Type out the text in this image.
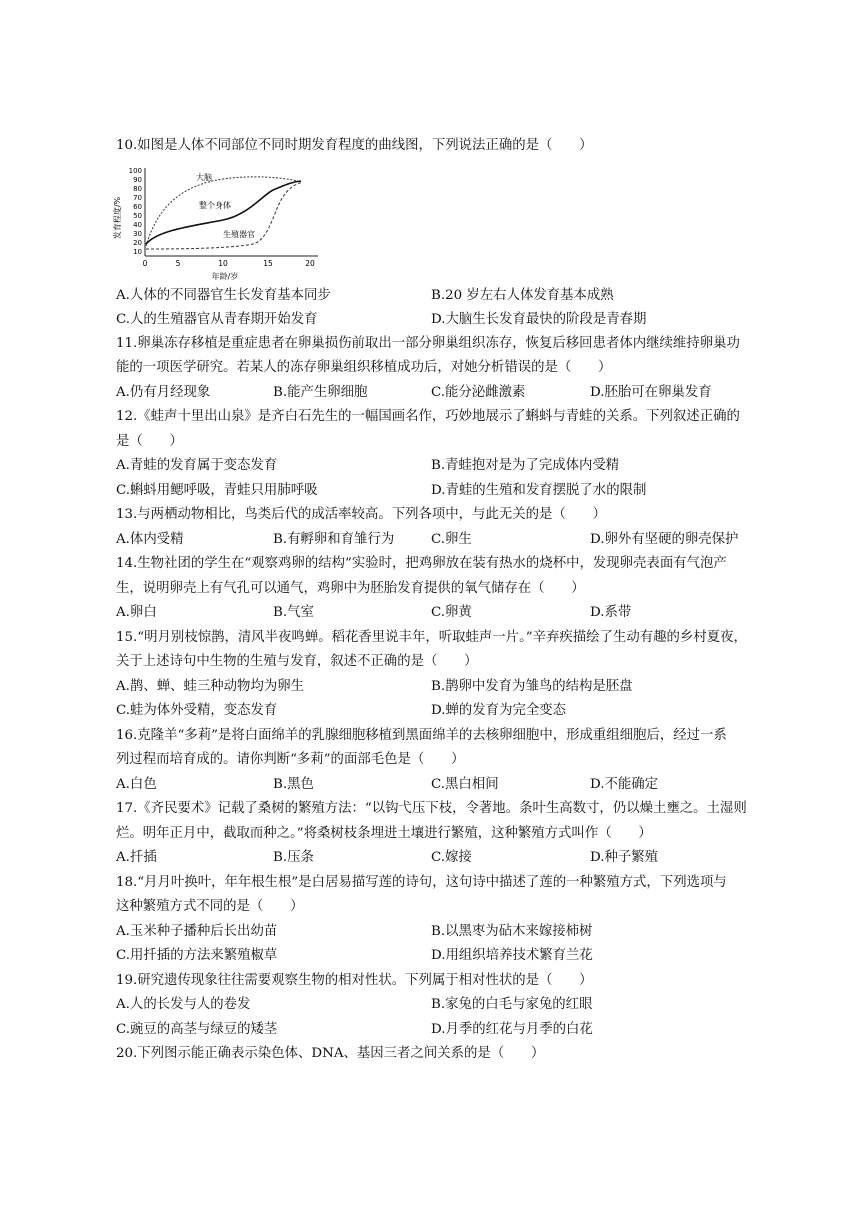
10.如图是人体不同部位不同时期发育程度的曲线图，下列说法正确的是（　　）
发育程度/%
100
90
80
70
60
50
40
30
20
10
0	5	10	15	20
年龄/岁
大脑
整个身体
生殖器官
A.人体的不同器官生长发育基本同步	B.20 岁左右人体发育基本成熟
C.人的生殖器官从青春期开始发育	D.大脑生长发育最快的阶段是青春期
11.卵巢冻存移植是重症患者在卵巢损伤前取出一部分卵巢组织冻存，恢复后移回患者体内继续维持卵巢功
能的一项医学研究。若某人的冻存卵巢组织移植成功后，对她分析错误的是（　　）
A.仍有月经现象	B.能产生卵细胞	C.能分泌雌激素	D.胚胎可在卵巢发育
12.《蛙声十里出山泉》是齐白石先生的一幅国画名作，巧妙地展示了蝌蚪与青蛙的关系。下列叙述正确的
是（　　）
A.青蛙的发育属于变态发育	B.青蛙抱对是为了完成体内受精
C.蝌蚪用鳃呼吸，青蛙只用肺呼吸	D.青蛙的生殖和发育摆脱了水的限制
13.与两栖动物相比，鸟类后代的成活率较高。下列各项中，与此无关的是（　　）
A.体内受精	B.有孵卵和育雏行为	C.卵生	D.卵外有坚硬的卵壳保护
14.生物社团的学生在“观察鸡卵的结构”实验时，把鸡卵放在装有热水的烧杯中，发现卵壳表面有气泡产
生，说明卵壳上有气孔可以通气，鸡卵中为胚胎发育提供的氧气储存在（　　）
A.卵白	B.气室	C.卵黄	D.系带
15.“明月别枝惊鹊，清风半夜鸣蝉。稻花香里说丰年，听取蛙声一片。”辛弃疾描绘了生动有趣的乡村夏夜，
关于上述诗句中生物的生殖与发育，叙述不正确的是（　　）
A.鹊、蝉、蛙三种动物均为卵生	B.鹊卵中发育为雏鸟的结构是胚盘
C.蛙为体外受精，变态发育	D.蝉的发育为完全变态
16.克隆羊“多莉”是将白面绵羊的乳腺细胞移植到黑面绵羊的去核卵细胞中，形成重组细胞后，经过一系
列过程而培育成的。请你判断“多莉”的面部毛色是（　　）
A.白色	B.黑色	C.黑白相间	D.不能确定
17.《齐民要术》记载了桑树的繁殖方法：“以钩弋压下枝，令著地。条叶生高数寸，仍以燥土壅之。土湿则
烂。明年正月中，截取而种之。”将桑树枝条埋进土壤进行繁殖，这种繁殖方式叫作（　　）
A.扦插	B.压条	C.嫁接	D.种子繁殖
18.“月月叶换叶，年年根生根”是白居易描写莲的诗句，这句诗中描述了莲的一种繁殖方式，下列选项与
这种繁殖方式不同的是（　　）
A.玉米种子播种后长出幼苗	B.以黑枣为砧木来嫁接柿树
C.用扦插的方法来繁殖椒草	D.用组织培养技术繁育兰花
19.研究遗传现象往往需要观察生物的相对性状。下列属于相对性状的是（　　）
A.人的长发与人的卷发	B.家兔的白毛与家兔的红眼
C.豌豆的高茎与绿豆的矮茎	D.月季的红花与月季的白花
20.下列图示能正确表示染色体、DNA、基因三者之间关系的是（　　）
